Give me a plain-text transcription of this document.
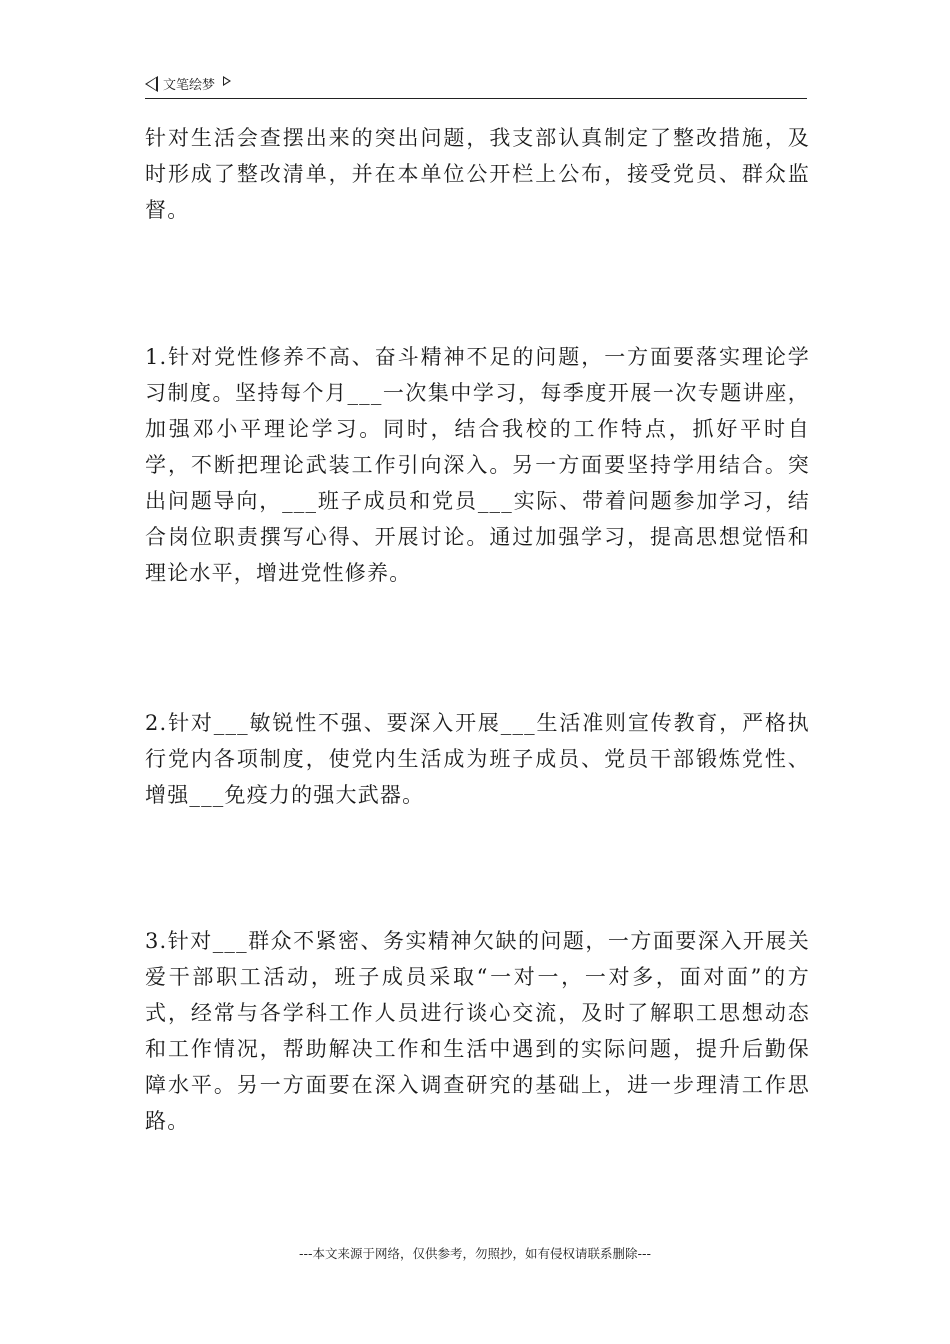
文笔绘梦

针对生活会查摆出来的突出问题，我支部认真制定了整改措施，及时形成了整改清单，并在本单位公开栏上公布，接受党员、群众监督。

1.针对党性修养不高、奋斗精神不足的问题，一方面要落实理论学习制度。坚持每个月___一次集中学习，每季度开展一次专题讲座，加强邓小平理论学习。同时，结合我校的工作特点，抓好平时自学，不断把理论武装工作引向深入。另一方面要坚持学用结合。突出问题导向，___班子成员和党员___实际、带着问题参加学习，结合岗位职责撰写心得、开展讨论。通过加强学习，提高思想觉悟和理论水平，增进党性修养。

2.针对___敏锐性不强、要深入开展___生活准则宣传教育，严格执行党内各项制度，使党内生活成为班子成员、党员干部锻炼党性、增强___免疫力的强大武器。

3.针对___群众不紧密、务实精神欠缺的问题，一方面要深入开展关爱干部职工活动，班子成员采取“一对一，一对多，面对面”的方式，经常与各学科工作人员进行谈心交流，及时了解职工思想动态和工作情况，帮助解决工作和生活中遇到的实际问题，提升后勤保障水平。另一方面要在深入调查研究的基础上，进一步理清工作思路。

---本文来源于网络，仅供参考，勿照抄，如有侵权请联系删除---
